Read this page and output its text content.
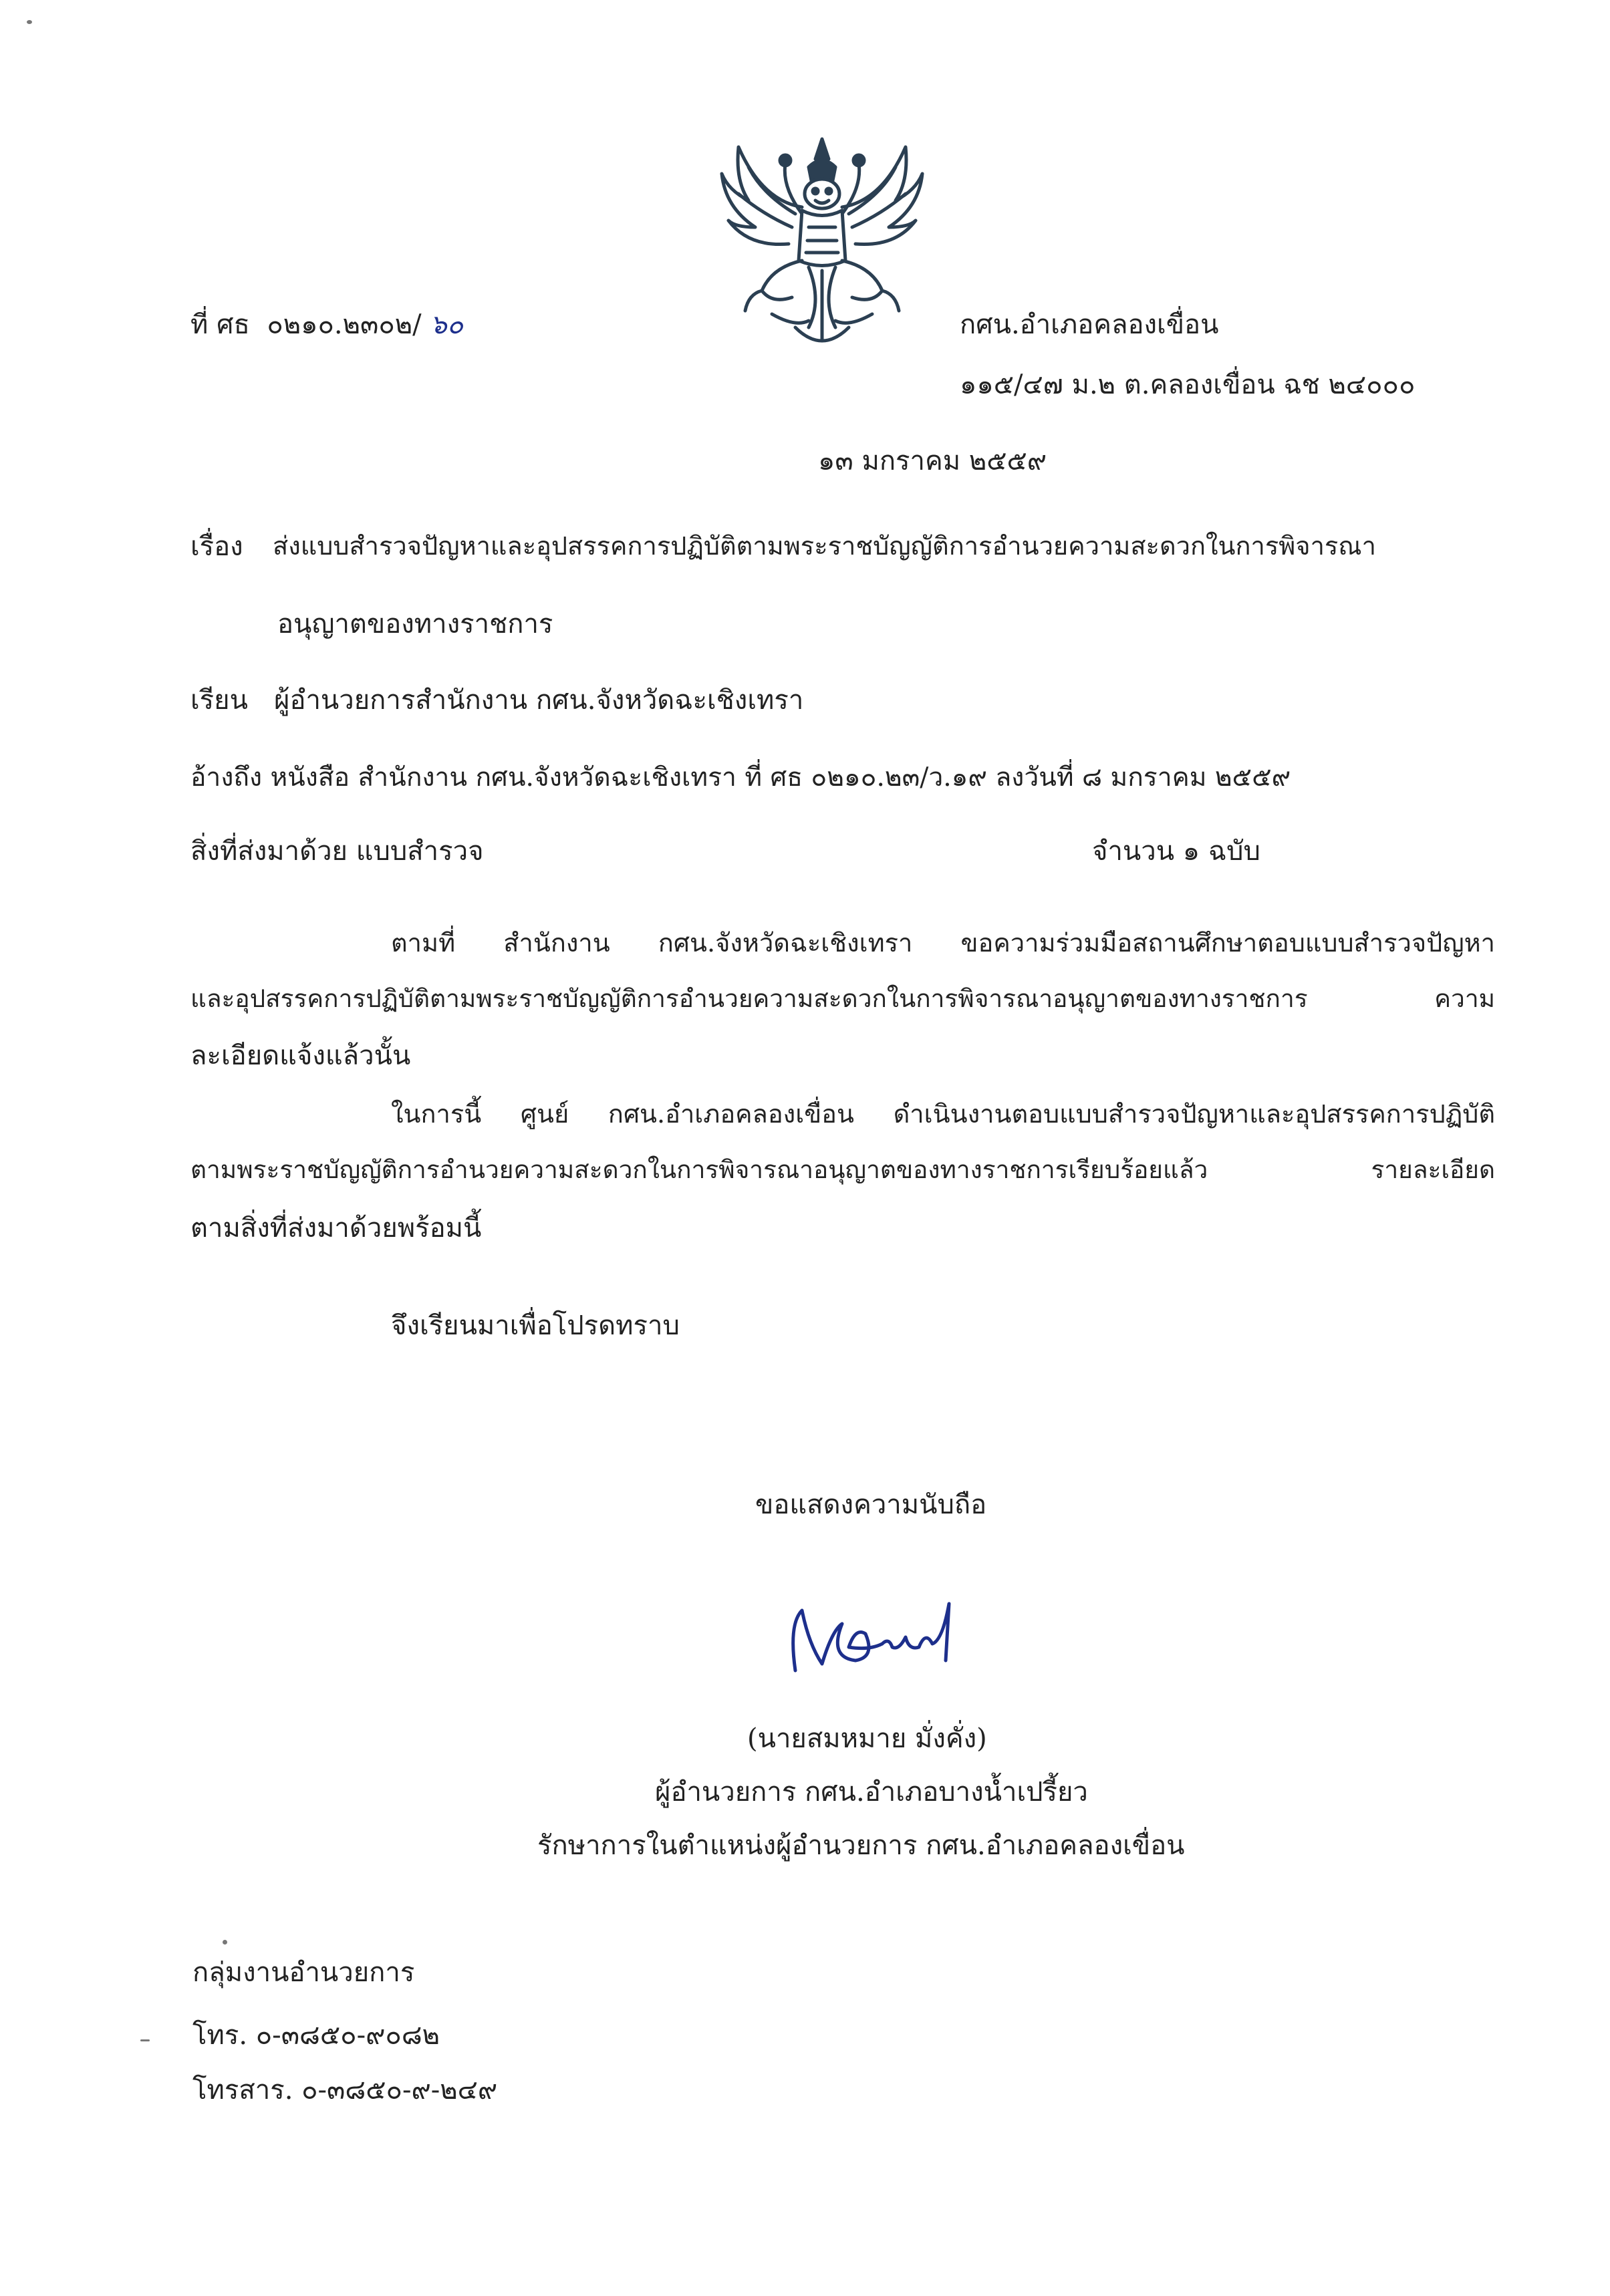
ที่ ศธ ๐๒๑๐.๒๓๐๒/ ๖๐	กศน.อำเภอคลองเขื่อน
๑๑๕/๔๗ ม.๒ ต.คลองเขื่อน ฉช ๒๔๐๐๐
๑๓ มกราคม ๒๕๕๙
เรื่อง ส่งแบบสำรวจปัญหาและอุปสรรคการปฏิบัติตามพระราชบัญญัติการอำนวยความสะดวกในการพิจารณา
อนุญาตของทางราชการ
เรียน ผู้อำนวยการสำนักงาน กศน.จังหวัดฉะเชิงเทรา
อ้างถึง หนังสือ สำนักงาน กศน.จังหวัดฉะเชิงเทรา ที่ ศธ ๐๒๑๐.๒๓/ว.๑๙ ลงวันที่ ๘ มกราคม ๒๕๕๙
สิ่งที่ส่งมาด้วย แบบสำรวจ	จำนวน ๑ ฉบับ
ตามที่ สำนักงาน กศน.จังหวัดฉะเชิงเทรา ขอความร่วมมือสถานศึกษาตอบแบบสำรวจปัญหา
และอุปสรรคการปฏิบัติตามพระราชบัญญัติการอำนวยความสะดวกในการพิจารณาอนุญาตของทางราชการ ความ
ละเอียดแจ้งแล้วนั้น
ในการนี้ ศูนย์ กศน.อำเภอคลองเขื่อน ดำเนินงานตอบแบบสำรวจปัญหาและอุปสรรคการปฏิบัติ
ตามพระราชบัญญัติการอำนวยความสะดวกในการพิจารณาอนุญาตของทางราชการเรียบร้อยแล้ว รายละเอียด
ตามสิ่งที่ส่งมาด้วยพร้อมนี้
จึงเรียนมาเพื่อโปรดทราบ
ขอแสดงความนับถือ
(นายสมหมาย มั่งคั่ง)
ผู้อำนวยการ กศน.อำเภอบางน้ำเปรี้ยว
รักษาการในตำแหน่งผู้อำนวยการ กศน.อำเภอคลองเขื่อน
กลุ่มงานอำนวยการ
โทร. ๐-๓๘๕๐-๙๐๘๒
โทรสาร. ๐-๓๘๕๐-๙-๒๔๙
